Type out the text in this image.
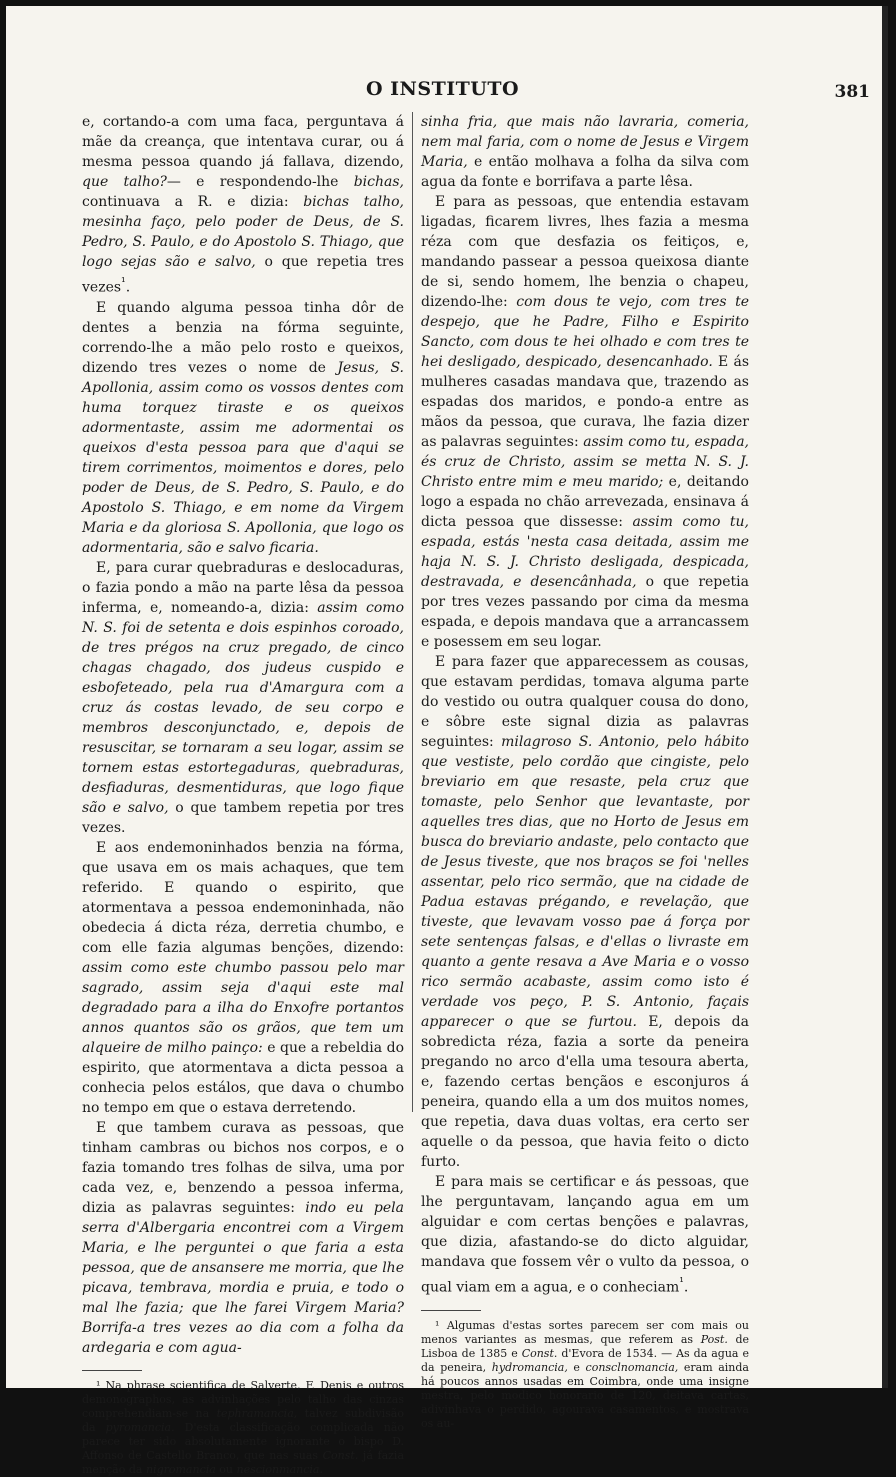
O INSTITUTO	381

e, cortando-a com uma faca, perguntava á mãe da creança, que intentava curar, ou á mesma pessoa quando já fallava, dizendo, que talho?— e respondendo-lhe bichas, continuava a R. e dizia: bichas talho, mesinha faço, pelo poder de Deus, de S. Pedro, S. Paulo, e do Apostolo S. Thiago, que logo sejas são e salvo, o que repetia tres vezes$^{^1}$.

E quando alguma pessoa tinha dôr de dentes a benzia na fórma seguinte, correndo-lhe a mão pelo rosto e queixos, dizendo tres vezes o nome de Jesus, S. Apollonia, assim como os vossos dentes com huma torquez tiraste e os queixos adormentaste, assim me adormentai os queixos d'esta pessoa para que d'aqui se tirem corrimentos, moimentos e dores, pelo poder de Deus, de S. Pedro, S. Paulo, e do Apostolo S. Thiago, e em nome da Virgem Maria e da gloriosa S. Apollonia, que logo os adormentaria, são e salvo ficaria.

E, para curar quebraduras e deslocaduras, o fazia pondo a mão na parte lêsa da pessoa inferma, e, nomeando-a, dizia: assim como N. S. foi de setenta e dois espinhos coroado, de tres prégos na cruz pregado, de cinco chagas chagado, dos judeus cuspido e esbofeteado, pela rua d'Amargura com a cruz ás costas levado, de seu corpo e membros desconjunctado, e, depois de resuscitar, se tornaram a seu logar, assim se tornem estas estortegaduras, quebraduras, desfiaduras, desmentiduras, que logo fique são e salvo, o que tambem repetia por tres vezes.

E aos endemoninhados benzia na fórma, que usava em os mais achaques, que tem referido. E quando o espirito, que atormentava a pessoa endemoninhada, não obedecia á dicta réza, derretia chumbo, e com elle fazia algumas benções, dizendo: assim como este chumbo passou pelo mar sagrado, assim seja d'aqui este mal degradado para a ilha do Enxofre portantos annos quantos são os grãos, que tem um alqueire de milho painço: e que a rebeldia do espirito, que atormentava a dicta pessoa a conhecia pelos estálos, que dava o chumbo no tempo em que o estava derretendo.

E que tambem curava as pessoas, que tinham cambras ou bichos nos corpos, e o fazia tomando tres folhas de silva, uma por cada vez, e, benzendo a pessoa inferma, dizia as palavras seguintes: indo eu pela serra d'Albergaria encontrei com a Virgem Maria, e lhe perguntei o que faria a esta pessoa, que de ansansere me morria, que lhe picava, tembrava, mordia e pruia, e todo o mal lhe fazia; que lhe farei Virgem Maria? Borrifa-a tres vezes ao dia com a folha da ardegaria e com agua-

¹ Na phrase scientifica de Salverte, F. Denis e outros demonographos, as advinhações pelo talho das cinzas comprehendiam-se na tephramancia, talvez subdivisão da pyromancia. D'esta classificação complicada não parece ter sido absolutamente ignorante o bispo D. Affonso de Castello Branco, que nas suas Const. já fazia menção da nigromancia ou nescionmancia.

sinha fria, que mais não lavraria, comeria, nem mal faria, com o nome de Jesus e Virgem Maria, e então molhava a folha da silva com agua da fonte e borrifava a parte lêsa.

E para as pessoas, que entendia estavam ligadas, ficarem livres, lhes fazia a mesma réza com que desfazia os feitiços, e, mandando passear a pessoa queixosa diante de si, sendo homem, lhe benzia o chapeu, dizendo-lhe: com dous te vejo, com tres te despejo, que he Padre, Filho e Espirito Sancto, com dous te hei olhado e com tres te hei desligado, despicado, desencanhado. E ás mulheres casadas mandava que, trazendo as espadas dos maridos, e pondo-a entre as mãos da pessoa, que curava, lhe fazia dizer as palavras seguintes: assim como tu, espada, és cruz de Christo, assim se metta N. S. J. Christo entre mim e meu marido; e, deitando logo a espada no chão arrevezada, ensinava á dicta pessoa que dissesse: assim como tu, espada, estás 'nesta casa deitada, assim me haja N. S. J. Christo desligada, despicada, destravada, e desencânhada, o que repetia por tres vezes passando por cima da mesma espada, e depois mandava que a arrancassem e posessem em seu logar.

E para fazer que apparecessem as cousas, que estavam perdidas, tomava alguma parte do vestido ou outra qualquer cousa do dono, e sôbre este signal dizia as palavras seguintes: milagroso S. Antonio, pelo hábito que vestiste, pelo cordão que cingiste, pelo breviario em que resaste, pela cruz que tomaste, pelo Senhor que levantaste, por aquelles tres dias, que no Horto de Jesus em busca do breviario andaste, pelo contacto que de Jesus tiveste, que nos braços se foi 'nelles assentar, pelo rico sermão, que na cidade de Padua estavas prégando, e revelação, que tiveste, que levavam vosso pae á força por sete sentenças falsas, e d'ellas o livraste em quanto a gente resava a Ave Maria e o vosso rico sermão acabaste, assim como isto é verdade vos peço, P. S. Antonio, façais apparecer o que se furtou. E, depois da sobredicta réza, fazia a sorte da peneira pregando no arco d'ella uma tesoura aberta, e, fazendo certas bençãos e esconjuros á peneira, quando ella a um dos muitos nomes, que repetia, dava duas voltas, era certo ser aquelle o da pessoa, que havia feito o dicto furto.

E para mais se certificar e ás pessoas, que lhe perguntavam, lançando agua em um alguidar e com certas benções e palavras, que dizia, afastando-se do dicto alguidar, mandava que fossem vêr o vulto da pessoa, o qual viam em a agua, e o conheciam$^{^1}$.

¹ Algumas d'estas sortes parecem ser com mais ou menos variantes as mesmas, que referem as Post. de Lisboa de 1385 e Const. d'Evora de 1534. — As da agua e da peneira, hydromancia, e consclnomancia, eram ainda há poucos annos usadas em Coimbra, onde uma insigne mestra, pelo modico honorario de 120, deitava cartas, adivinhava o perdido, agourava casamentos, e mostrava os au-
